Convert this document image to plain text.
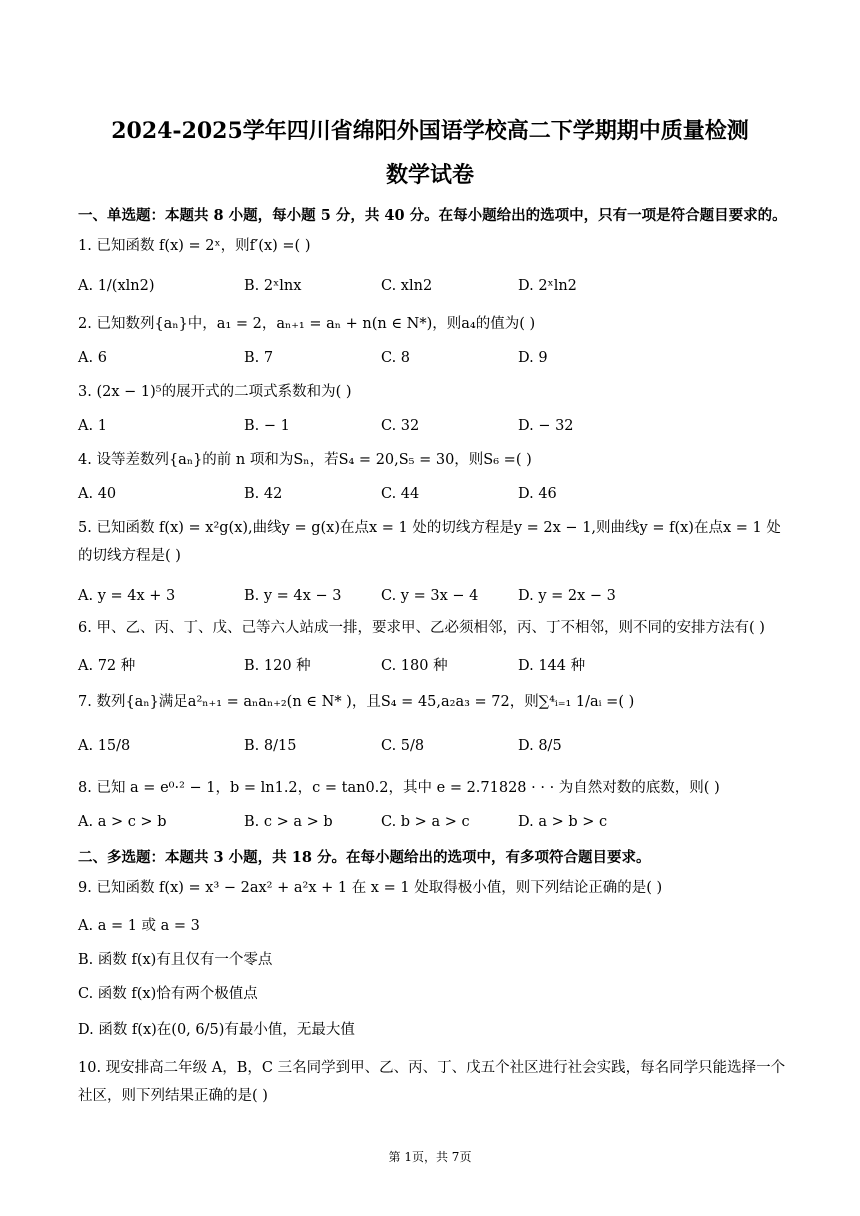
2024-2025学年四川省绵阳外国语学校高二下学期期中质量检测
数学试卷
一、单选题：本题共 8 小题，每小题 5 分，共 40 分。在每小题给出的选项中，只有一项是符合题目要求的。
1. 已知函数 f(x) = 2ˣ，则f′(x) =( )
A. 1/(xln2)	B. 2ˣlnx	C. xln2	D. 2ˣln2
2. 已知数列{aₙ}中，a₁ = 2，aₙ₊₁ = aₙ + n(n ∈ N*)，则a₄的值为( )
A. 6	B. 7	C. 8	D. 9
3. (2x − 1)⁵的展开式的二项式系数和为( )
A. 1	B. − 1	C. 32	D. − 32
4. 设等差数列{aₙ}的前 n 项和为Sₙ，若S₄ = 20,S₅ = 30，则S₆ =( )
A. 40	B. 42	C. 44	D. 46
5. 已知函数 f(x) = x²g(x),曲线y = g(x)在点x = 1 处的切线方程是y = 2x − 1,则曲线y = f(x)在点x = 1 处的切线方程是( )
A. y = 4x + 3	B. y = 4x − 3	C. y = 3x − 4	D. y = 2x − 3
6. 甲、乙、丙、丁、戊、己等六人站成一排，要求甲、乙必须相邻，丙、丁不相邻，则不同的安排方法有( )
A. 72 种	B. 120 种	C. 180 种	D. 144 种
7. 数列{aₙ}满足a²ₙ₊₁ = aₙaₙ₊₂(n ∈ N* )，且S₄ = 45,a₂a₃ = 72，则∑⁴ᵢ₌₁ 1/aᵢ =( )
A. 15/8	B. 8/15	C. 5/8	D. 8/5
8. 已知 a = e⁰·² − 1，b = ln1.2，c = tan0.2，其中 e = 2.71828 · · · 为自然对数的底数，则( )
A. a > c > b	B. c > a > b	C. b > a > c	D. a > b > c
二、多选题：本题共 3 小题，共 18 分。在每小题给出的选项中，有多项符合题目要求。
9. 已知函数 f(x) = x³ − 2ax² + a²x + 1 在 x = 1 处取得极小值，则下列结论正确的是( )
A. a = 1 或 a = 3
B. 函数 f(x)有且仅有一个零点
C. 函数 f(x)恰有两个极值点
D. 函数 f(x)在(0, 6/5)有最小值，无最大值
10. 现安排高二年级 A，B，C 三名同学到甲、乙、丙、丁、戊五个社区进行社会实践，每名同学只能选择一个社区，则下列结果正确的是( )
第 1页，共 7页
